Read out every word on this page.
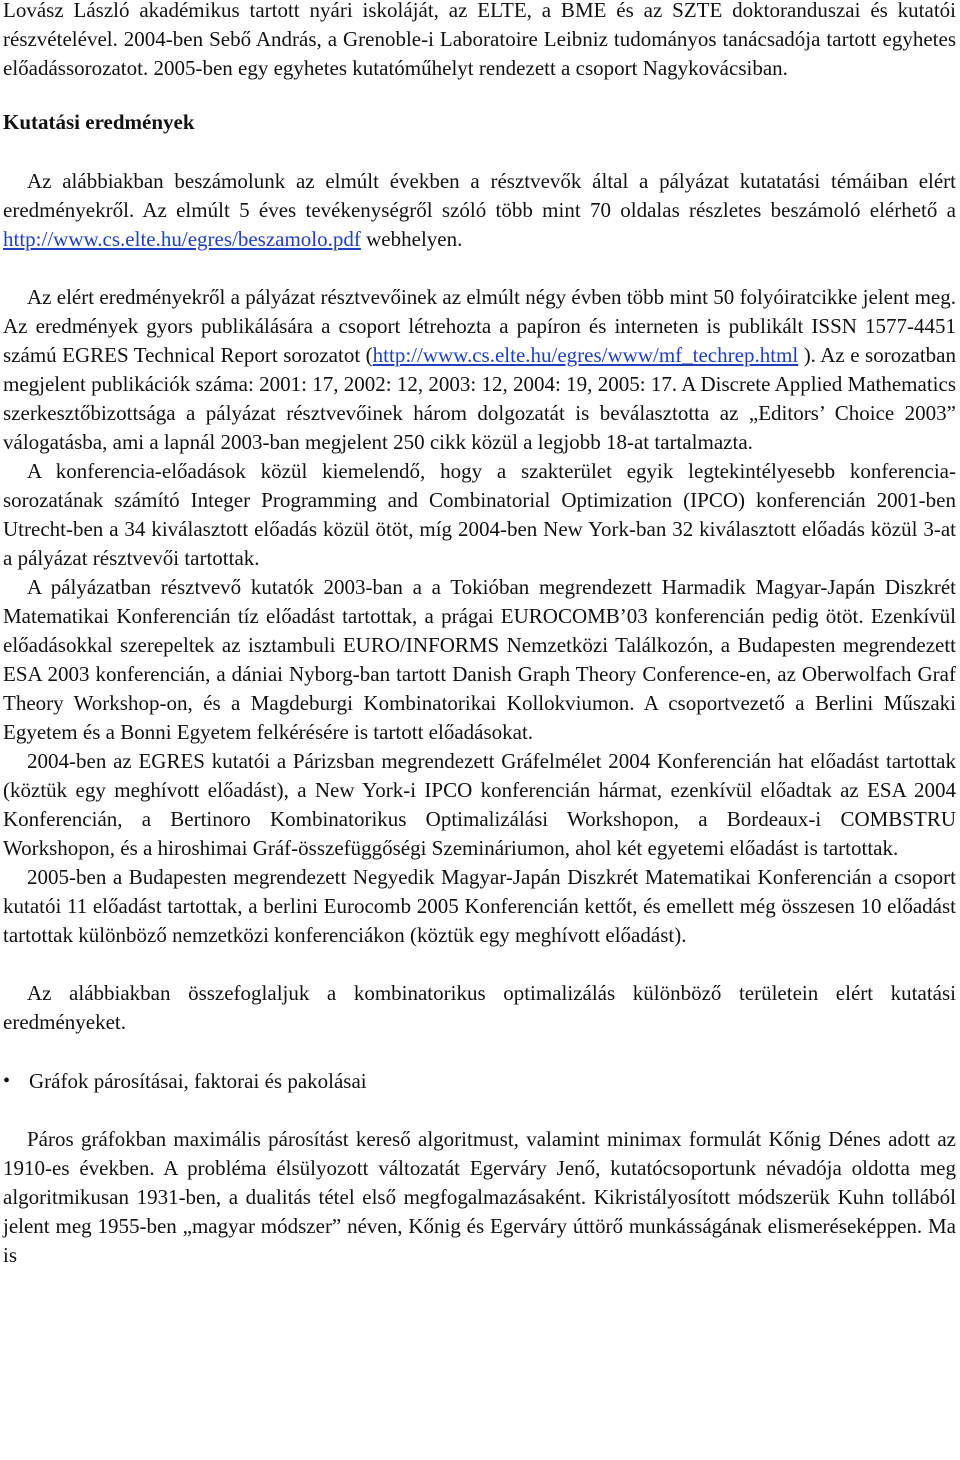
Lovász László akadémikus tartott nyári iskoláját, az ELTE, a BME és az SZTE doktoranduszai és kutatói részvételével. 2004-ben Sebő András, a Grenoble-i Laboratoire Leibniz tudományos tanácsadója tartott egyhetes előadássorozatot. 2005-ben egy egyhetes kutatóműhelyt rendezett a csoport Nagykovácsiban.

Kutatási eredmények

Az alábbiakban beszámolunk az elmúlt években a résztvevők által a pályázat kutatatási témáiban elért eredményekről. Az elmúlt 5 éves tevékenységről szóló több mint 70 oldalas részletes beszámoló elérhető a http://www.cs.elte.hu/egres/beszamolo.pdf webhelyen.

Az elért eredményekről a pályázat résztvevőinek az elmúlt négy évben több mint 50 folyóiratcikke jelent meg. Az eredmények gyors publikálására a csoport létrehozta a papíron és interneten is publikált ISSN 1577-4451 számú EGRES Technical Report sorozatot (http://www.cs.elte.hu/egres/www/mf_techrep.html ). Az e sorozatban megjelent publikációk száma: 2001: 17, 2002: 12, 2003: 12, 2004: 19, 2005: 17. A Discrete Applied Mathematics szerkesztőbizottsága a pályázat résztvevőinek három dolgozatát is beválasztotta az „Editors’ Choice 2003” válogatásba, ami a lapnál 2003-ban megjelent 250 cikk közül a legjobb 18-at tartalmazta.

A konferencia-előadások közül kiemelendő, hogy a szakterület egyik legtekintélyesebb konferencia-sorozatának számító Integer Programming and Combinatorial Optimization (IPCO) konferencián 2001-ben Utrecht-ben a 34 kiválasztott előadás közül ötöt, míg 2004-ben New York-ban 32 kiválasztott előadás közül 3-at a pályázat résztvevői tartottak.

A pályázatban résztvevő kutatók 2003-ban a a Tokióban megrendezett Harmadik Magyar-Japán Diszkrét Matematikai Konferencián tíz előadást tartottak, a prágai EUROCOMB’03 konferencián pedig ötöt. Ezenkívül előadásokkal szerepeltek az isztambuli EURO/INFORMS Nemzetközi Találkozón, a Budapesten megrendezett ESA 2003 konferencián, a dániai Nyborg-ban tartott Danish Graph Theory Conference-en, az Oberwolfach Graf Theory Workshop-on, és a Magdeburgi Kombinatorikai Kollokviumon. A csoportvezető a Berlini Műszaki Egyetem és a Bonni Egyetem felkérésére is tartott előadásokat.

2004-ben az EGRES kutatói a Párizsban megrendezett Gráfelmélet 2004 Konferencián hat előadást tartottak (köztük egy meghívott előadást), a New York-i IPCO konferencián hármat, ezenkívül előadtak az ESA 2004 Konferencián, a Bertinoro Kombinatorikus Optimalizálási Workshopon, a Bordeaux-i COMBSTRU Workshopon, és a hiroshimai Gráf-összefüggőségi Szemináriumon, ahol két egyetemi előadást is tartottak.

2005-ben a Budapesten megrendezett Negyedik Magyar-Japán Diszkrét Matematikai Konferencián a csoport kutatói 11 előadást tartottak, a berlini Eurocomb 2005 Konferencián kettőt, és emellett még összesen 10 előadást tartottak különböző nemzetközi konferenciákon (köztük egy meghívott előadást).

Az alábbiakban összefoglaljuk a kombinatorikus optimalizálás különböző területein elért kutatási eredményeket.

• Gráfok párosításai, faktorai és pakolásai

Páros gráfokban maximális párosítást kereső algoritmust, valamint minimax formulát Kőnig Dénes adott az 1910-es években. A probléma élsülyozott változatát Egerváry Jenő, kutatócsoportunk névadója oldotta meg algoritmikusan 1931-ben, a dualitás tétel első megfogalmazásaként. Kikristályosított módszerük Kuhn tollából jelent meg 1955-ben „magyar módszer” néven, Kőnig és Egerváry úttörő munkásságának elismeréseképpen. Ma is
